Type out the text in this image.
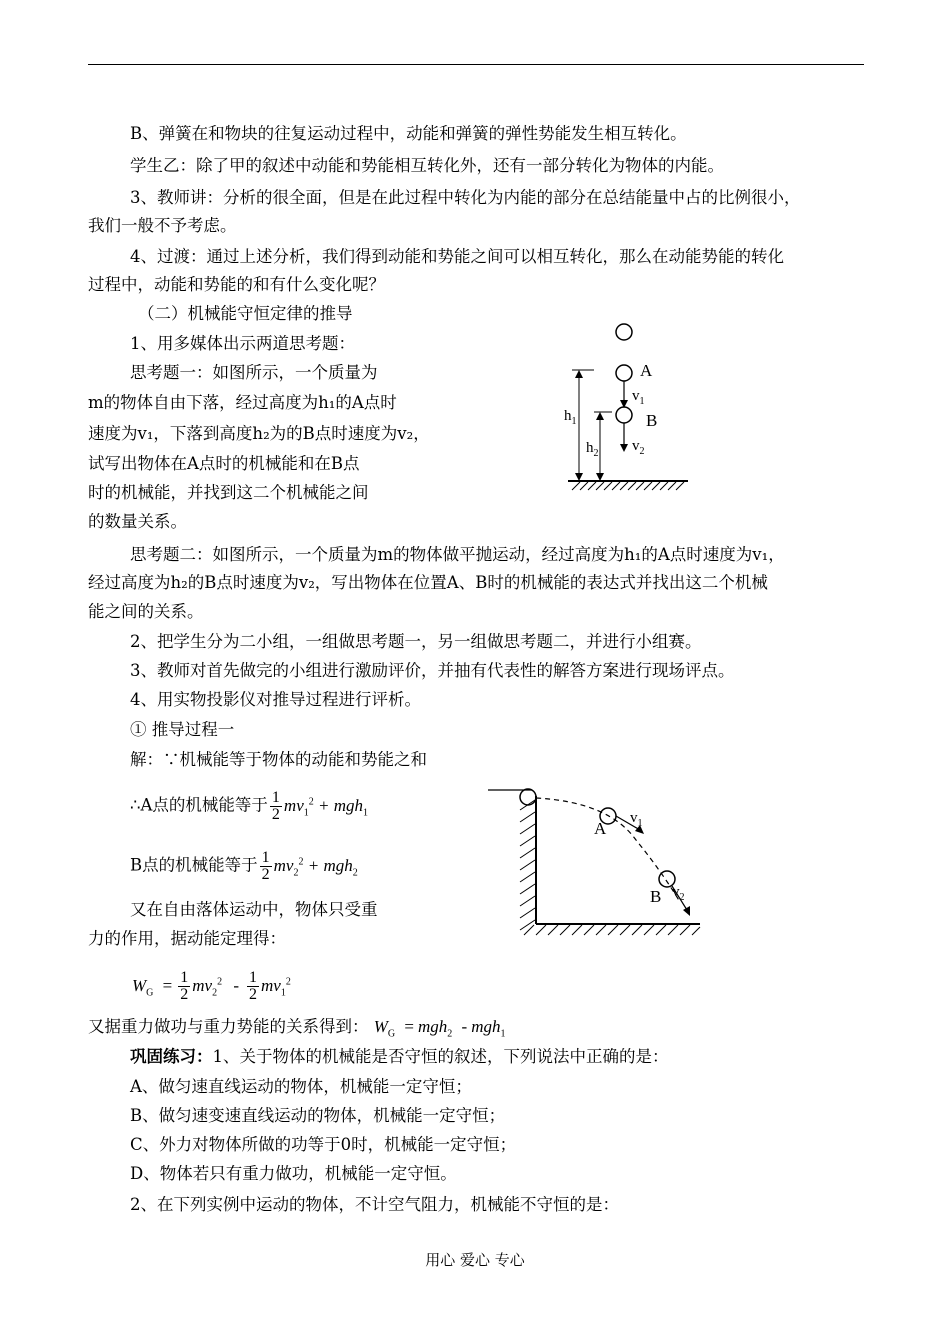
B、弹簧在和物块的往复运动过程中，动能和弹簧的弹性势能发生相互转化。
学生乙：除了甲的叙述中动能和势能相互转化外，还有一部分转化为物体的内能。
3、教师讲：分析的很全面，但是在此过程中转化为内能的部分在总结能量中占的比例很小，
我们一般不予考虑。
4、过渡：通过上述分析，我们得到动能和势能之间可以相互转化，那么在动能势能的转化
过程中，动能和势能的和有什么变化呢？
（二）机械能守恒定律的推导
1、用多媒体出示两道思考题：
思考题一：如图所示，一个质量为
m的物体自由下落，经过高度为h₁的A点时
速度为v₁，下落到高度h₂为的B点时速度为v₂，
试写出物体在A点时的机械能和在B点
时的机械能，并找到这二个机械能之间
的数量关系。
A
B
$v_1$
$v_2$
$h_1$
$h_2$
思考题二：如图所示，一个质量为m的物体做平抛运动，经过高度为h₁的A点时速度为v₁，
经过高度为h₂的B点时速度为v₂，写出物体在位置A、B时的机械能的表达式并找出这二个机械
能之间的关系。
2、把学生分为二小组，一组做思考题一，另一组做思考题二，并进行小组赛。
3、教师对首先做完的小组进行激励评价，并抽有代表性的解答方案进行现场评点。
4、用实物投影仪对推导过程进行评析。
① 推导过程一
解：∵机械能等于物体的动能和势能之和
∴A点的机械能等于 $\frac{1}{2} mv_1^2 + mgh_1$
B点的机械能等于 $\frac{1}{2} mv_2^2 + mgh_2$
又在自由落体运动中，物体只受重
力的作用，据动能定理得：
$W_G = \frac{1}{2} mv_2^2 - \frac{1}{2} mv_1^2$
A
B
$v_1$
$v_2$
又据重力做功与重力势能的关系得到： $W_G = mgh_2 - mgh_1$
巩固练习：1、关于物体的机械能是否守恒的叙述，下列说法中正确的是：
A、做匀速直线运动的物体，机械能一定守恒；
B、做匀速变速直线运动的物体，机械能一定守恒；
C、外力对物体所做的功等于0时，机械能一定守恒；
D、物体若只有重力做功，机械能一定守恒。
2、在下列实例中运动的物体，不计空气阻力，机械能不守恒的是：
用心 爱心 专心
